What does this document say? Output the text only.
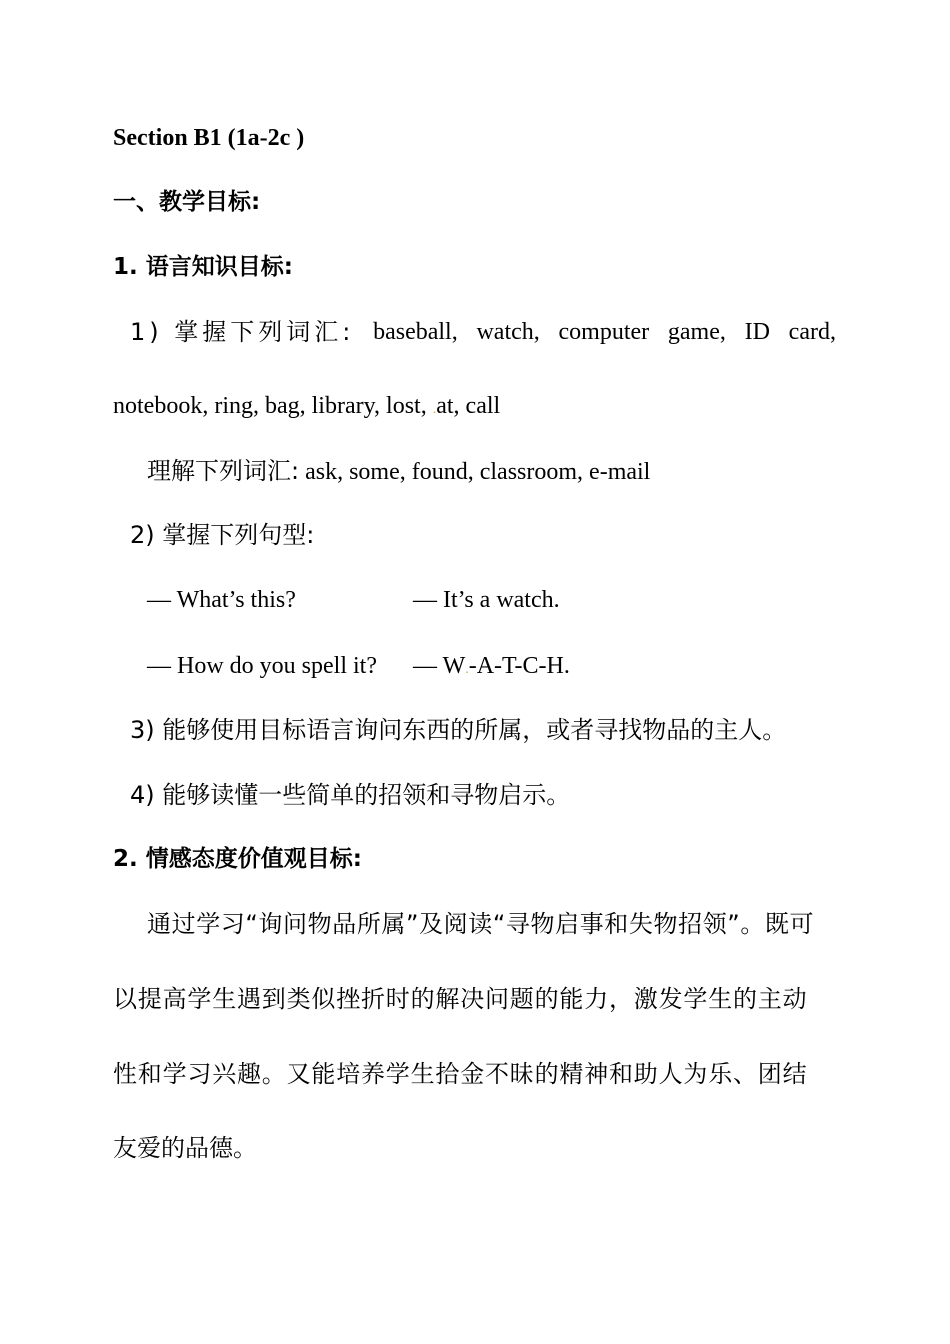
Section B1 (1a-2c )
一、教学目标:
1. 语言知识目标:
1) 掌握下列词汇: baseball, watch, computer game, ID card,
notebook, ring, bag, library, lost, .at, call
理解下列词汇: ask, some, found, classroom, e-mail
2) 掌握下列句型:
— What’s this?	— It’s a watch.
— How do you spell it? — W.-A-T-C-H.
3) 能够使用目标语言询问东西的所属，或者寻找物品的主人。
4) 能够读懂一些简单的招领和寻物启示。
2. 情感态度价值观目标:
通过学习“询问物品所属”及阅读“寻物启事和失物招领”。既可
以提高学生遇到类似挫折时的解决问题的能力，激发学生的主动
性和学习兴趣。又能培养学生拾金不昧的精神和助人为乐、团结
友爱的品德。
